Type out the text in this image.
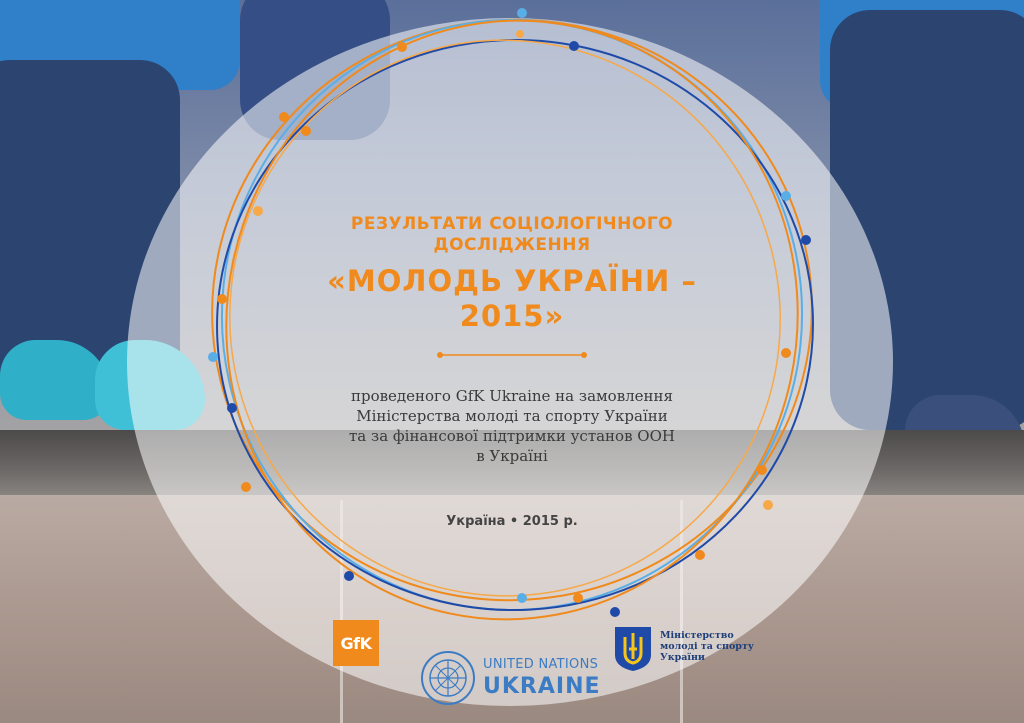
РЕЗУЛЬТАТИ СОЦІОЛОГІЧНОГО
ДОСЛІДЖЕННЯ
«МОЛОДЬ УКРАЇНИ –
2015»
проведеного GfK Ukraine на замовлення
Міністерства молоді та спорту України
та за фінансової підтримки установ ООН
в Україні
Україна • 2015 р.
GfK
UNITED NATIONS
UKRAINE
Міністерство
молоді та спорту
України
